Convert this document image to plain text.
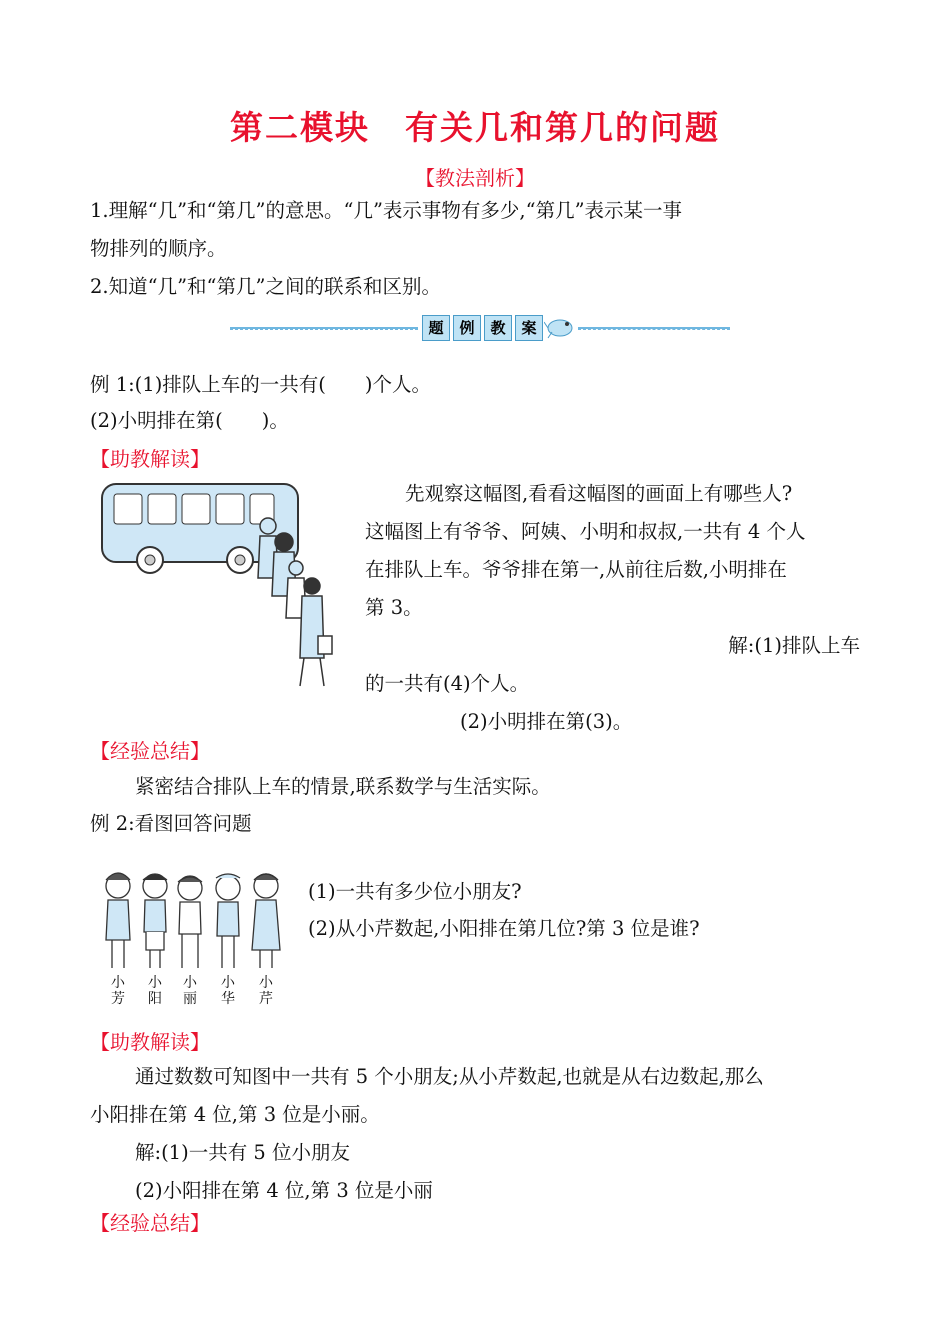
第二模块　有关几和第几的问题
【教法剖析】
1.理解“几”和“第几”的意思。“几”表示事物有多少,“第几”表示某一事
物排列的顺序。
2.知道“几”和“第几”之间的联系和区别。
题 例 教 案
例 1:(1)排队上车的一共有(　　)个人。
(2)小明排在第(　　)。
【助教解读】
先观察这幅图,看看这幅图的画面上有哪些人?
这幅图上有爷爷、阿姨、小明和叔叔,一共有 4 个人
在排队上车。爷爷排在第一,从前往后数,小明排在
第 3。
解:(1)排队上车
的一共有(4)个人。
(2)小明排在第(3)。
【经验总结】
紧密结合排队上车的情景,联系数学与生活实际。
例 2:看图回答问题
小
芳
小
阳
小
丽
小
华
小
芹
(1)一共有多少位小朋友?
(2)从小芹数起,小阳排在第几位?第 3 位是谁?
【助教解读】
通过数数可知图中一共有 5 个小朋友;从小芹数起,也就是从右边数起,那么
小阳排在第 4 位,第 3 位是小丽。
解:(1)一共有 5 位小朋友
(2)小阳排在第 4 位,第 3 位是小丽
【经验总结】
